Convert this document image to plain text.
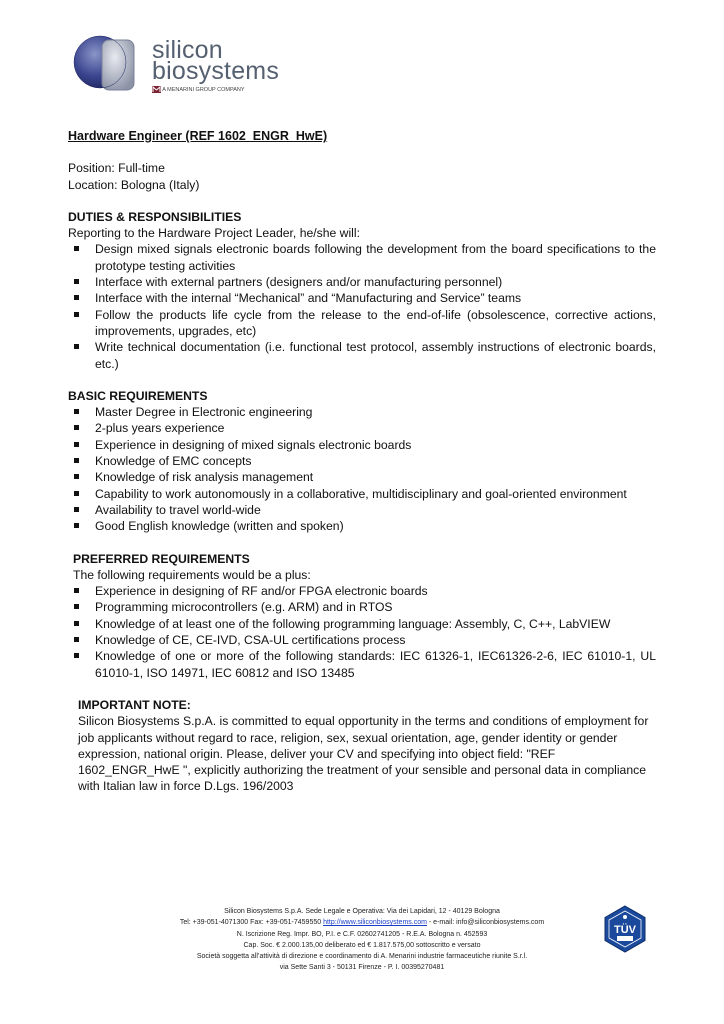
silicon
biosystems
A MENARINI GROUP COMPANY

Hardware Engineer (REF 1602_ENGR_HwE)

Position: Full-time

Location: Bologna (Italy)

DUTIES & RESPONSIBILITIES

Reporting to the Hardware Project Leader, he/she will:

Design mixed signals electronic boards following the development from the board specifications to the prototype testing activities
Interface with external partners (designers and/or manufacturing personnel)
Interface with the internal “Mechanical” and “Manufacturing and Service” teams
Follow the products life cycle from the release to the end-of-life (obsolescence, corrective actions, improvements, upgrades, etc)
Write technical documentation (i.e. functional test protocol, assembly instructions of electronic boards, etc.)

BASIC REQUIREMENTS

Master Degree in Electronic engineering
2-plus years experience
Experience in designing of mixed signals electronic boards
Knowledge of EMC concepts
Knowledge of risk analysis management
Capability to work autonomously in a collaborative, multidisciplinary and goal-oriented environment
Availability to travel world-wide
Good English knowledge (written and spoken)

PREFERRED REQUIREMENTS

The following requirements would be a plus:

Experience in designing of RF and/or FPGA electronic boards
Programming microcontrollers (e.g. ARM) and in RTOS
Knowledge of at least one of the following programming language: Assembly, C, C++, LabVIEW
Knowledge of CE, CE-IVD, CSA-UL certifications process
Knowledge of one or more of the following standards: IEC 61326-1, IEC61326-2-6, IEC 61010-1, UL 61010-1, ISO 14971, IEC 60812 and ISO 13485

IMPORTANT NOTE:

Silicon Biosystems S.p.A. is committed to equal opportunity in the terms and conditions of employment for job applicants without regard to race, religion, sex, sexual orientation, age, gender identity or gender expression, national origin. Please, deliver your CV and specifying into object field: "REF 1602_ENGR_HwE ", explicitly authorizing the treatment of your sensible and personal data in compliance with Italian law in force D.Lgs. 196/2003

Silicon Biosystems S.p.A. Sede Legale e Operativa: Via dei Lapidari, 12 - 40129 Bologna
Tel: +39-051-4071300 Fax: +39-051-7459550 http://www.siliconbiosystems.com - e-mail: info@siliconbiosystems.com
N. Iscrizione Reg. Impr. BO, P.I. e C.F. 02602741205 - R.E.A. Bologna n. 452593
Cap. Soc. € 2.000.135,00 deliberato ed € 1.817.575,00 sottoscritto e versato
Società soggetta all’attività di direzione e coordinamento di A. Menarini industrie farmaceutiche riunite S.r.l.
via Sette Santi 3 - 50131 Firenze - P. I. 00395270481
TÜV
